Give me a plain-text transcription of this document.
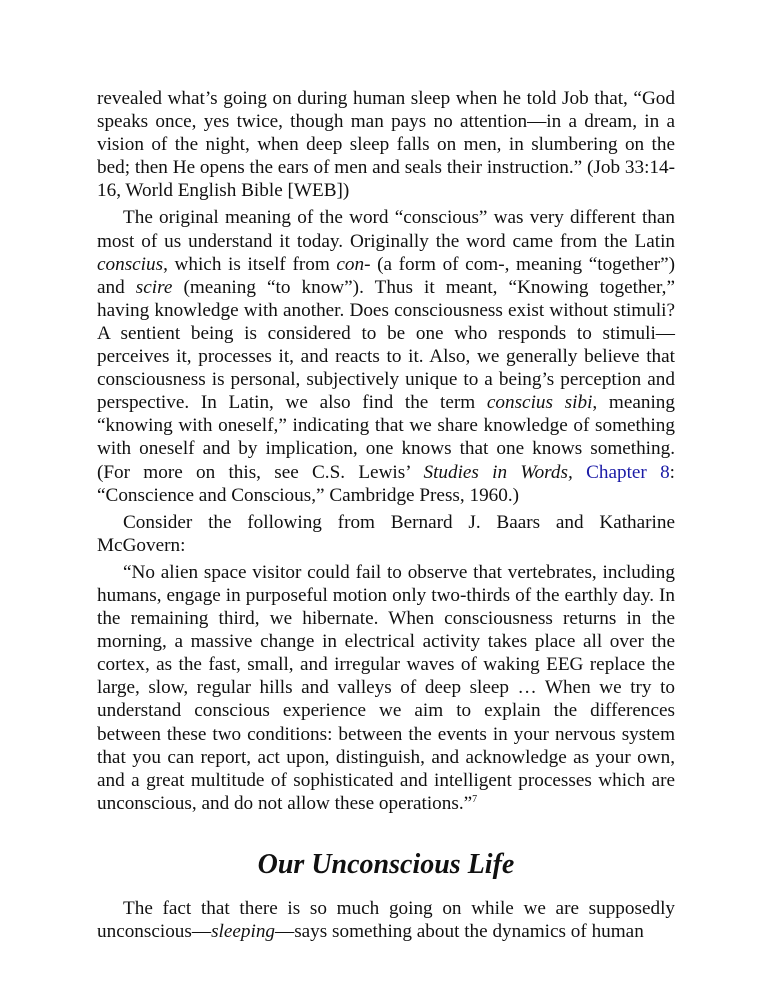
revealed what’s going on during human sleep when he told Job that, “God speaks once, yes twice, though man pays no attention—in a dream, in a vision of the night, when deep sleep falls on men, in slumbering on the bed; then He opens the ears of men and seals their instruction.” (Job 33:14-16, World English Bible [WEB])

The original meaning of the word “conscious” was very different than most of us understand it today. Originally the word came from the Latin conscius, which is itself from con- (a form of com-, meaning “together”) and scire (meaning “to know”). Thus it meant, “Knowing together,” having knowledge with another. Does consciousness exist without stimuli? A sentient being is considered to be one who responds to stimuli—perceives it, processes it, and reacts to it. Also, we generally believe that consciousness is personal, subjectively unique to a being’s perception and perspective. In Latin, we also find the term conscius sibi, meaning “knowing with oneself,” indicating that we share knowledge of something with oneself and by implication, one knows that one knows something. (For more on this, see C.S. Lewis’ Studies in Words, Chapter 8: “Conscience and Conscious,” Cambridge Press, 1960.)

Consider the following from Bernard J. Baars and Katharine McGovern:

“No alien space visitor could fail to observe that vertebrates, including humans, engage in purposeful motion only two-thirds of the earthly day. In the remaining third, we hibernate. When consciousness returns in the morning, a massive change in electrical activity takes place all over the cortex, as the fast, small, and irregular waves of waking EEG replace the large, slow, regular hills and valleys of deep sleep … When we try to understand conscious experience we aim to explain the differences between these two conditions: between the events in your nervous system that you can report, act upon, distinguish, and acknowledge as your own, and a great multitude of sophisticated and intelligent processes which are unconscious, and do not allow these operations.”$^7$

Our Unconscious Life

The fact that there is so much going on while we are supposedly unconscious—sleeping—says something about the dynamics of human
